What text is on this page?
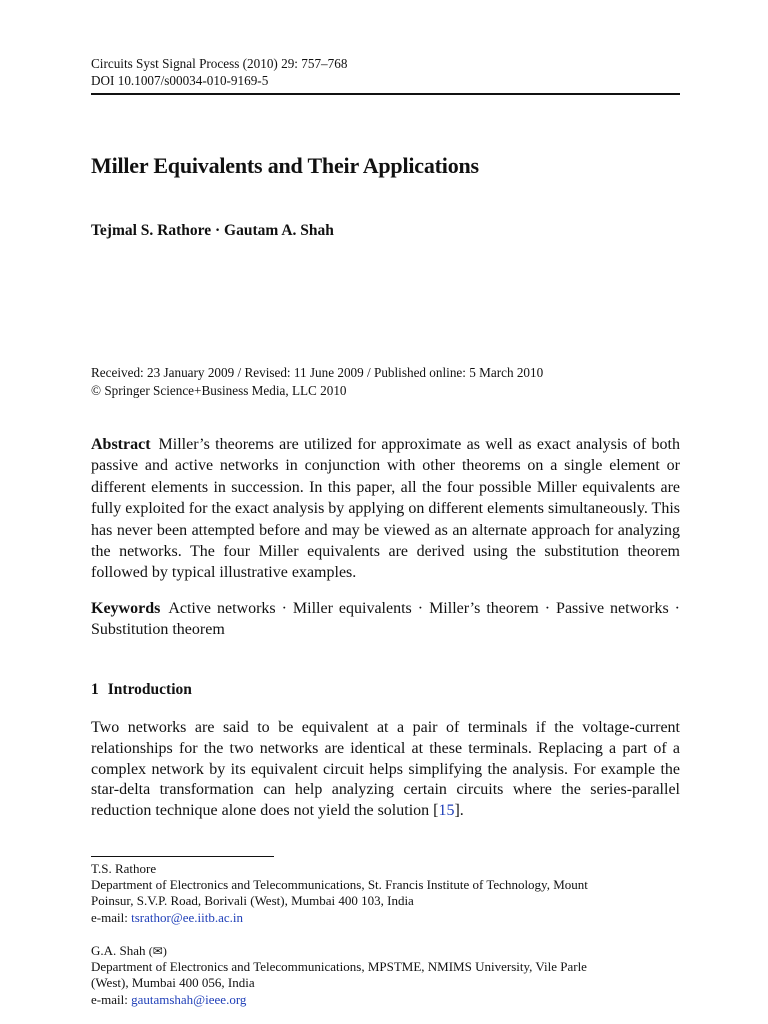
Circuits Syst Signal Process (2010) 29: 757–768
DOI 10.1007/s00034-010-9169-5
Miller Equivalents and Their Applications
Tejmal S. Rathore · Gautam A. Shah
Received: 23 January 2009 / Revised: 11 June 2009 / Published online: 5 March 2010
© Springer Science+Business Media, LLC 2010
Abstract Miller’s theorems are utilized for approximate as well as exact analysis of both passive and active networks in conjunction with other theorems on a single element or different elements in succession. In this paper, all the four possible Miller equivalents are fully exploited for the exact analysis by applying on different elements simultaneously. This has never been attempted before and may be viewed as an alternate approach for analyzing the networks. The four Miller equivalents are derived using the substitution theorem followed by typical illustrative examples.
Keywords Active networks · Miller equivalents · Miller’s theorem · Passive networks · Substitution theorem
1 Introduction
Two networks are said to be equivalent at a pair of terminals if the voltage-current relationships for the two networks are identical at these terminals. Replacing a part of a complex network by its equivalent circuit helps simplifying the analysis. For example the star-delta transformation can help analyzing certain circuits where the series-parallel reduction technique alone does not yield the solution [15].
T.S. Rathore
Department of Electronics and Telecommunications, St. Francis Institute of Technology, Mount
Poinsur, S.V.P. Road, Borivali (West), Mumbai 400 103, India
e-mail: tsrathor@ee.iitb.ac.in
G.A. Shah (✉)
Department of Electronics and Telecommunications, MPSTME, NMIMS University, Vile Parle
(West), Mumbai 400 056, India
e-mail: gautamshah@ieee.org
